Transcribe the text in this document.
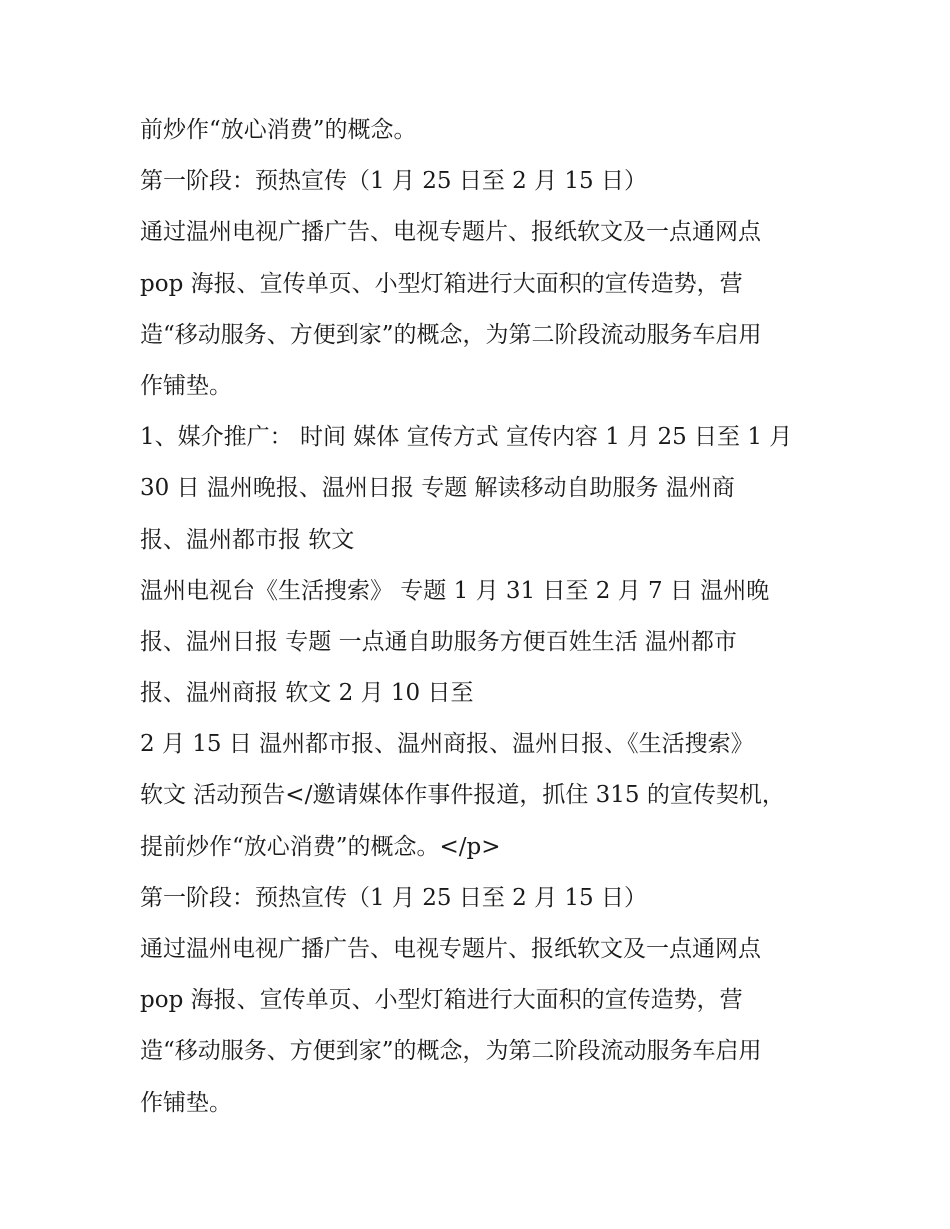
前炒作“放心消费”的概念。
第一阶段：预热宣传（1 月 25 日至 2 月 15 日）
通过温州电视广播广告、电视专题片、报纸软文及一点通网点
pop 海报、宣传单页、小型灯箱进行大面积的宣传造势，营
造“移动服务、方便到家”的概念，为第二阶段流动服务车启用
作铺垫。
1、媒介推广： 时间 媒体 宣传方式 宣传内容 1 月 25 日至 1 月
30 日 温州晚报、温州日报 专题 解读移动自助服务 温州商
报、温州都市报 软文
温州电视台《生活搜索》 专题 1 月 31 日至 2 月 7 日 温州晚
报、温州日报 专题 一点通自助服务方便百姓生活 温州都市
报、温州商报 软文 2 月 10 日至
2 月 15 日 温州都市报、温州商报、温州日报、《生活搜索》
软文 活动预告</邀请媒体作事件报道，抓住 315 的宣传契机，
提前炒作“放心消费”的概念。</p>
第一阶段：预热宣传（1 月 25 日至 2 月 15 日）
通过温州电视广播广告、电视专题片、报纸软文及一点通网点
pop 海报、宣传单页、小型灯箱进行大面积的宣传造势，营
造“移动服务、方便到家”的概念，为第二阶段流动服务车启用
作铺垫。
